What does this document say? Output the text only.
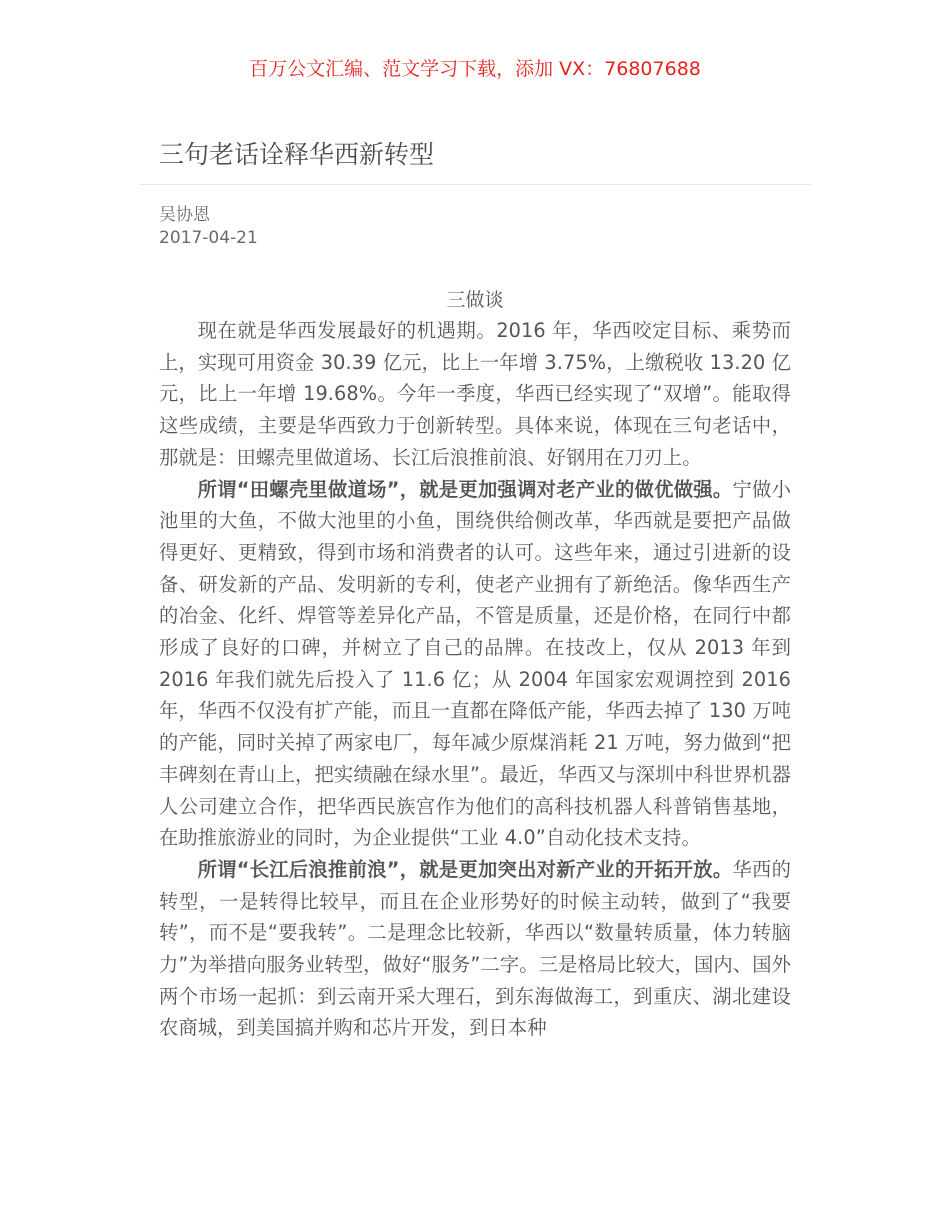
百万公文汇编、范文学习下载，添加 VX：76807688
三句老话诠释华西新转型
吴协恩
2017-04-21
三做谈

现在就是华西发展最好的机遇期。2016 年，华西咬定目标、乘势而上，实现可用资金 30.39 亿元，比上一年增 3.75%，上缴税收 13.20 亿元，比上一年增 19.68%。今年一季度，华西已经实现了“双增”。能取得这些成绩，主要是华西致力于创新转型。具体来说，体现在三句老话中，那就是：田螺壳里做道场、长江后浪推前浪、好钢用在刀刃上。

所谓“田螺壳里做道场”，就是更加强调对老产业的做优做强。宁做小池里的大鱼，不做大池里的小鱼，围绕供给侧改革，华西就是要把产品做得更好、更精致，得到市场和消费者的认可。这些年来，通过引进新的设备、研发新的产品、发明新的专利，使老产业拥有了新绝活。像华西生产的冶金、化纤、焊管等差异化产品，不管是质量，还是价格，在同行中都形成了良好的口碑，并树立了自己的品牌。在技改上，仅从 2013 年到 2016 年我们就先后投入了 11.6 亿；从 2004 年国家宏观调控到 2016 年，华西不仅没有扩产能，而且一直都在降低产能，华西去掉了 130 万吨的产能，同时关掉了两家电厂，每年减少原煤消耗 21 万吨，努力做到“把丰碑刻在青山上，把实绩融在绿水里”。最近，华西又与深圳中科世界机器人公司建立合作，把华西民族宫作为他们的高科技机器人科普销售基地，在助推旅游业的同时，为企业提供“工业 4.0”自动化技术支持。

所谓“长江后浪推前浪”，就是更加突出对新产业的开拓开放。华西的转型，一是转得比较早，而且在企业形势好的时候主动转，做到了“我要转”，而不是“要我转”。二是理念比较新，华西以“数量转质量，体力转脑力”为举措向服务业转型，做好“服务”二字。三是格局比较大，国内、国外两个市场一起抓：到云南开采大理石，到东海做海工，到重庆、湖北建设农商城，到美国搞并购和芯片开发，到日本种
